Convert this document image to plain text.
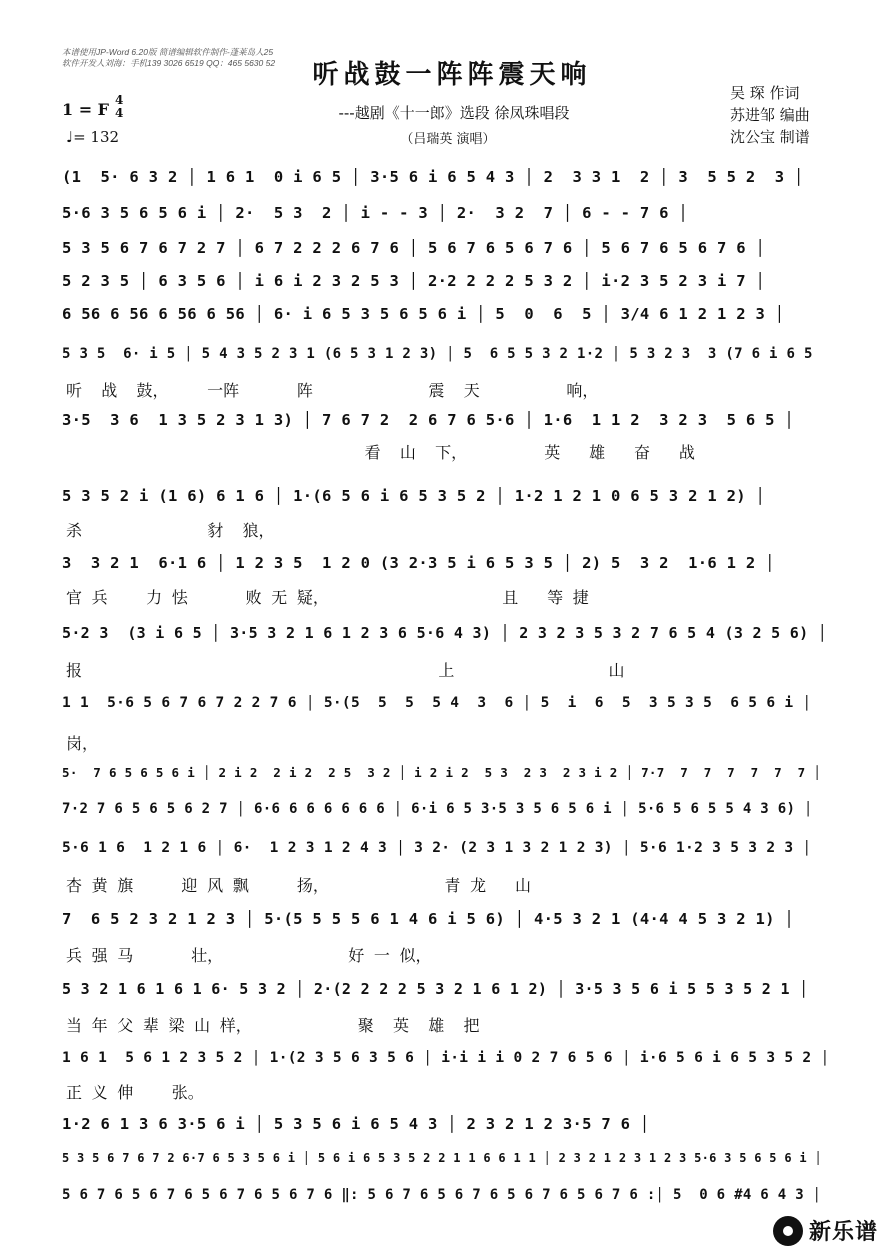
本谱使用JP-Word 6.20版 简谱编辑软件制作-蓬莱岛人25
软件开发人刘海：手机139 3026 6519 QQ：465 5630 52	听战鼓一阵阵震天响
---越剧《十一郎》选段 徐凤珠唱段
（吕瑞英 演唱）
吴 琛 作词
苏进邹 编曲
沈公宝 制谱
1 = F 4
4
♩= 132
(1  5· 6 3 2 │ 1 6 1  0 i 6 5 │ 3·5 6 i 6 5 4 3 │ 2  3 3 1  2 │ 3  5 5 2  3 │
5·6 3 5 6 5 6 i │ 2·  5 3  2 │ i - - 3 │ 2·  3 2  7 │ 6 - - 7 6 │
5 3 5 6 7 6 7 2 7 │ 6 7 2 2 2 6 7 6 │ 5 6 7 6 5 6 7 6 │ 5 6 7 6 5 6 7 6 │
5 2 3 5 │ 6 3 5 6 │ i 6 i 2 3 2 5 3 │ 2·2 2 2 2 5 3 2 │ i·2 3 5 2 3 i 7 │
6 56 6 56 6 56 6 56 │ 6· i 6 5 3 5 6 5 6 i │ 5  0  6  5 │ 3/4 6 1 2 1 2 3 │
5 3 5  6· i 5 │ 5 4 3 5 2 3 1 (6 5 3 1 2 3) │ 5  6 5 5 3 2 1·2 │ 5 3 2 3  3 (7 6 i 6 5
听  战  鼓，    一阵      阵            震  天         响，
3·5  3 6  1 3 5 2 3 1 3) │ 7 6 7 2  2 6 7 6 5·6 │ 1·6  1 1 2  3 2 3  5 6 5 │
看  山  下，        英   雄   奋   战
5 3 5 2 i (1 6) 6 1 6 │ 1·(6 5 6 i 6 5 3 5 2 │ 1·2 1 2 1 0 6 5 3 2 1 2) │
杀             豺  狼，
3  3 2 1  6·1 6 │ 1 2 3 5  1 2 0 (3 2·3 5 i 6 5 3 5 │ 2) 5  3 2  1·6 1 2 │
官 兵    力 怯      败 无 疑，                  且   等 捷
5·2 3  (3 i 6 5 │ 3·5 3 2 1 6 1 2 3 6 5·6 4 3) │ 2 3 2 3 5 3 2 7 6 5 4 (3 2 5 6) │
报                                     上                山
1 1  5·6 5 6 7 6 7 2 2 7 6 │ 5·(5  5  5  5 4  3  6 │ 5  i  6  5  3 5 3 5  6 5 6 i │
岗，
5·  7 6 5 6 5 6 i │ 2 i 2  2 i 2  2 5  3 2 │ i 2 i 2  5 3  2 3  2 3 i 2 │ 7·7  7  7  7  7  7  7 │
7·2 7 6 5 6 5 6 2 7 │ 6·6 6 6 6 6 6 6 │ 6·i 6 5 3·5 3 5 6 5 6 i │ 5·6 5 6 5 5 4 3 6) │
5·6 1 6  1 2 1 6 │ 6·  1 2 3 1 2 4 3 │ 3 2· (2 3 1 3 2 1 2 3) │ 5·6 1·2 3 5 3 2 3 │
杏 黄 旗     迎 风 飘     扬，            青 龙   山
7  6 5 2 3 2 1 2 3 │ 5·(5 5 5 5 6 1 4 6 i 5 6) │ 4·5 3 2 1 (4·4 4 5 3 2 1) │
兵 强 马      壮，             好 一 似，
5 3 2 1 6 1 6 1 6· 5 3 2 │ 2·(2 2 2 2 5 3 2 1 6 1 2) │ 3·5 3 5 6 i 5 5 3 5 2 1 │
当 年 父 辈 梁 山 样，           聚  英  雄  把
1 6 1  5 6 1 2 3 5 2 │ 1·(2 3 5 6 3 5 6 │ i·i i i 0 2 7 6 5 6 │ i·6 5 6 i 6 5 3 5 2 │
正 义 伸    张。
1·2 6 1 3 6 3·5 6 i │ 5 3 5 6 i 6 5 4 3 │ 2 3 2 1 2 3·5 7 6 │
5 3 5 6 7 6 7 2 6·7 6 5 3 5 6 i │ 5 6 i 6 5 3 5 2 2 1 1 6 6 1 1 │ 2 3 2 1 2 3 1 2 3 5·6 3 5 6 5 6 i │
5 6 7 6 5 6 7 6 5 6 7 6 5 6 7 6 ‖: 5 6 7 6 5 6 7 6 5 6 7 6 5 6 7 6 :│ 5  0 6 #4 6 4 3 │
新乐谱
